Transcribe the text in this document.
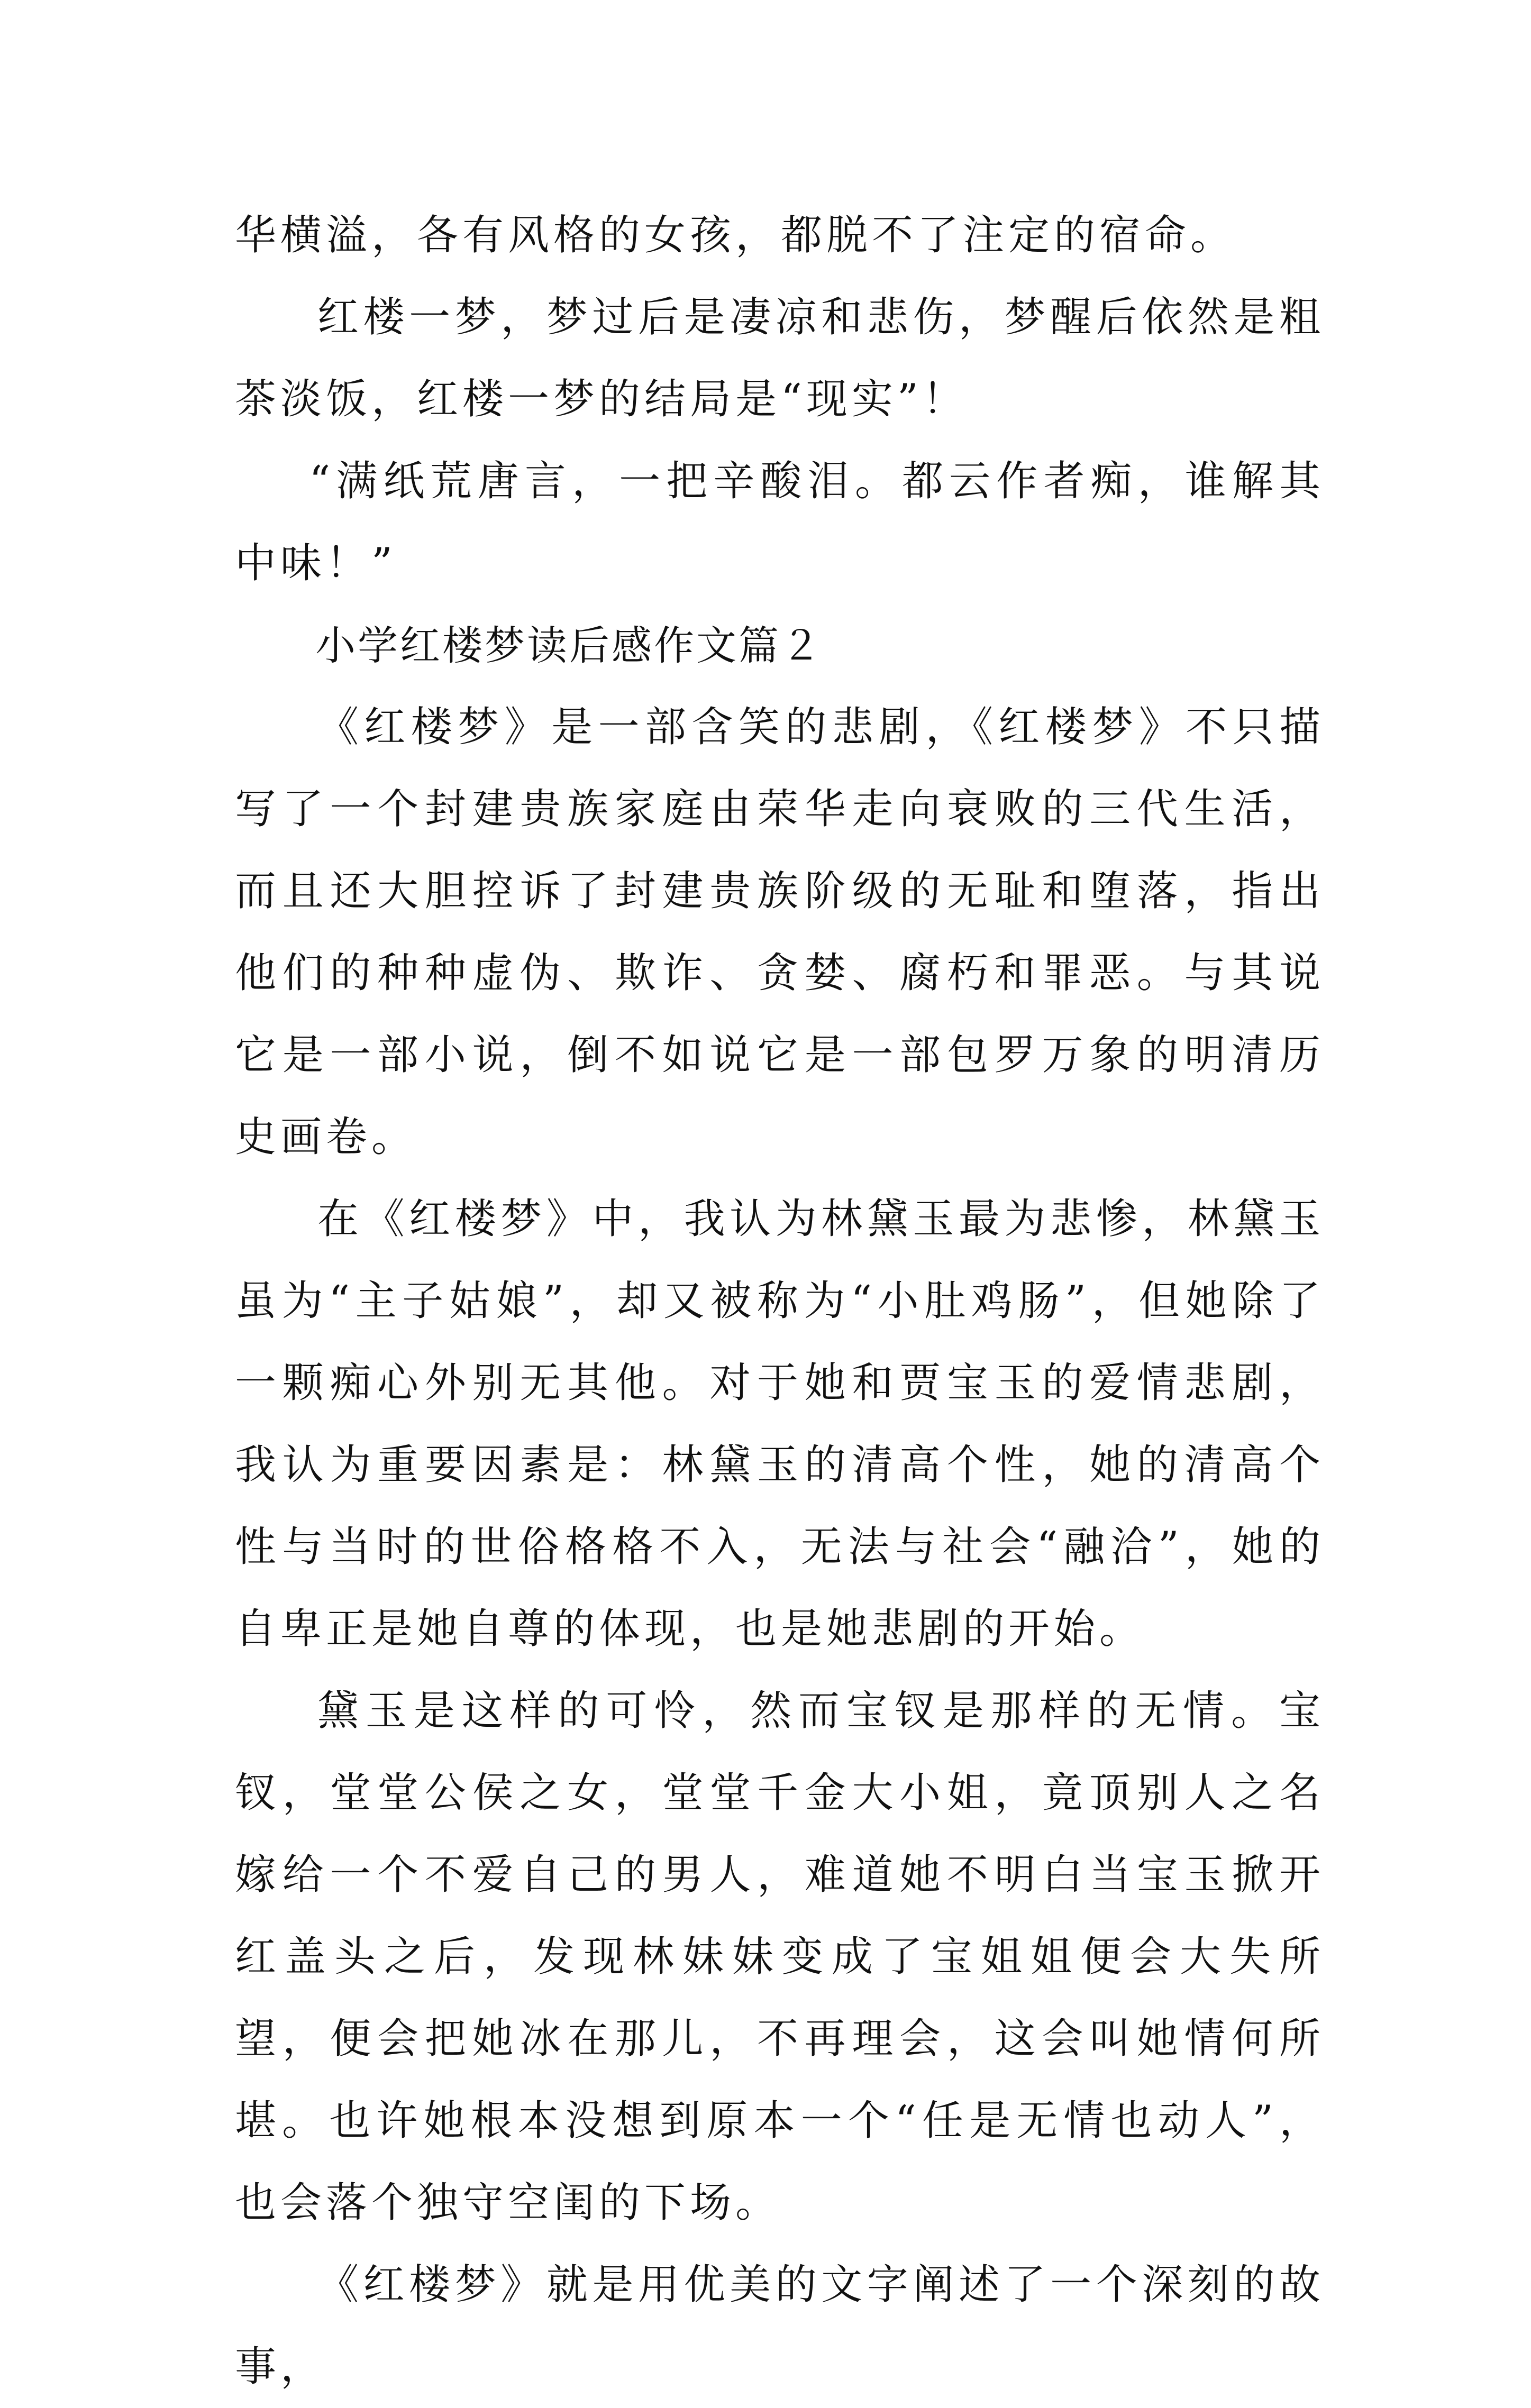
华横溢，各有风格的女孩，都脱不了注定的宿命。

红楼一梦，梦过后是凄凉和悲伤，梦醒后依然是粗茶淡饭，红楼一梦的结局是“现实”！

“满纸荒唐言，一把辛酸泪。都云作者痴，谁解其中味！”

小学红楼梦读后感作文篇２

《红楼梦》是一部含笑的悲剧，《红楼梦》不只描写了一个封建贵族家庭由荣华走向衰败的三代生活，而且还大胆控诉了封建贵族阶级的无耻和堕落，指出他们的种种虚伪、欺诈、贪婪、腐朽和罪恶。与其说它是一部小说，倒不如说它是一部包罗万象的明清历史画卷。

在《红楼梦》中，我认为林黛玉最为悲惨，林黛玉虽为“主子姑娘”，却又被称为“小肚鸡肠”，但她除了一颗痴心外别无其他。对于她和贾宝玉的爱情悲剧，我认为重要因素是：林黛玉的清高个性，她的清高个性与当时的世俗格格不入，无法与社会“融洽”，她的自卑正是她自尊的体现，也是她悲剧的开始。

黛玉是这样的可怜，然而宝钗是那样的无情。宝钗，堂堂公侯之女，堂堂千金大小姐，竟顶别人之名嫁给一个不爱自己的男人，难道她不明白当宝玉掀开红盖头之后，发现林妹妹变成了宝姐姐便会大失所望，便会把她冰在那儿，不再理会，这会叫她情何所堪。也许她根本没想到原本一个“任是无情也动人”，也会落个独守空闺的下场。

《红楼梦》就是用优美的文字阐述了一个深刻的故事，
